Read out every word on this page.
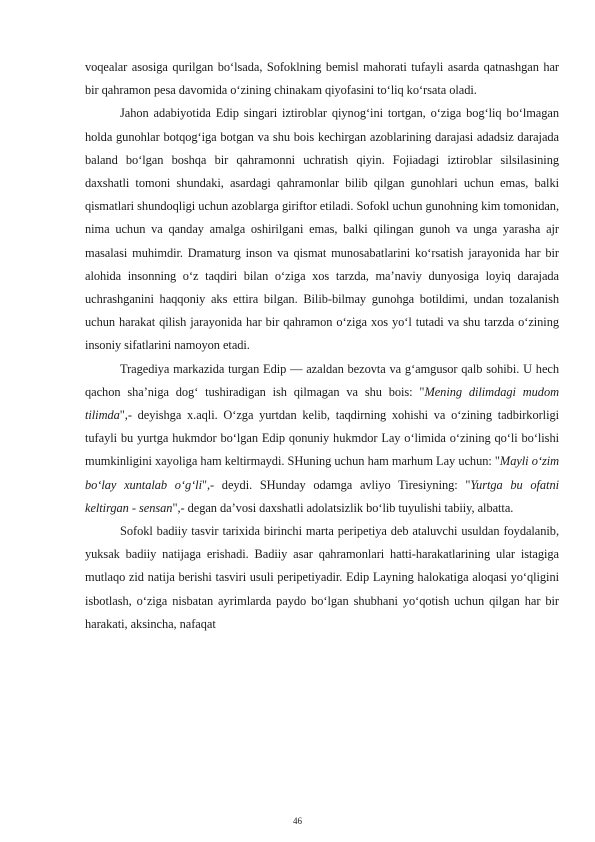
voqealar asosiga qurilgan bo‘lsada, Sofoklning bemisl mahorati tufayli asarda qatnashgan har bir qahramon pesa davomida o‘zining chinakam qiyofasini to‘liq ko‘rsata oladi.

Jahon adabiyotida Edip singari iztiroblar qiynog‘ini tortgan, o‘ziga bog‘liq bo‘lmagan holda gunohlar botqog‘iga botgan va shu bois kechirgan azoblarining darajasi adadsiz darajada baland bo‘lgan boshqa bir qahramonni uchratish qiyin. Fojiadagi iztiroblar silsilasining daxshatli tomoni shundaki, asardagi qahramonlar bilib qilgan gunohlari uchun emas, balki qismatlari shundoqligi uchun azoblarga giriftor etiladi. Sofokl uchun gunohning kim tomonidan, nima uchun va qanday amalga oshirilgani emas, balki qilingan gunoh va unga yarasha ajr masalasi muhimdir. Dramaturg inson va qismat munosabatlarini ko‘rsatish jarayonida har bir alohida insonning o‘z taqdiri bilan o‘ziga xos tarzda, ma’naviy dunyosiga loyiq darajada uchrashganini haqqoniy aks ettira bilgan. Bilib-bilmay gunohga botildimi, undan tozalanish uchun harakat qilish jarayonida har bir qahramon o‘ziga xos yo‘l tutadi va shu tarzda o‘zining insoniy sifatlarini namoyon etadi.

Tragediya markazida turgan Edip — azaldan bezovta va g‘amgusor qalb sohibi. U hech qachon sha’niga dog‘ tushiradigan ish qilmagan va shu bois: "Mening dilimdagi mudom tilimda",- deyishga x.aqli. O‘zga yurtdan kelib, taqdirning xohishi va o‘zining tadbirkorligi tufayli bu yurtga hukmdor bo‘lgan Edip qonuniy hukmdor Lay o‘limida o‘zining qo‘li bo‘lishi mumkinligini xayoliga ham keltirmaydi. SHuning uchun ham marhum Lay uchun: "Mayli o‘zim bo‘lay xuntalab o‘g‘li",- deydi. SHunday odamga avliyo Tiresiyning: "Yurtga bu ofatni keltirgan - sensan",- degan da’vosi daxshatli adolatsizlik bo‘lib tuyulishi tabiiy, albatta.

Sofokl badiiy tasvir tarixida birinchi marta peripetiya deb ataluvchi usuldan foydalanib, yuksak badiiy natijaga erishadi. Badiiy asar qahramonlari hatti-harakatlarining ular istagiga mutlaqo zid natija berishi tasviri usuli peripetiyadir. Edip Layning halokatiga aloqasi yo‘qligini isbotlash, o‘ziga nisbatan ayrimlarda paydo bo‘lgan shubhani yo‘qotish uchun qilgan har bir harakati, aksincha, nafaqat

46
